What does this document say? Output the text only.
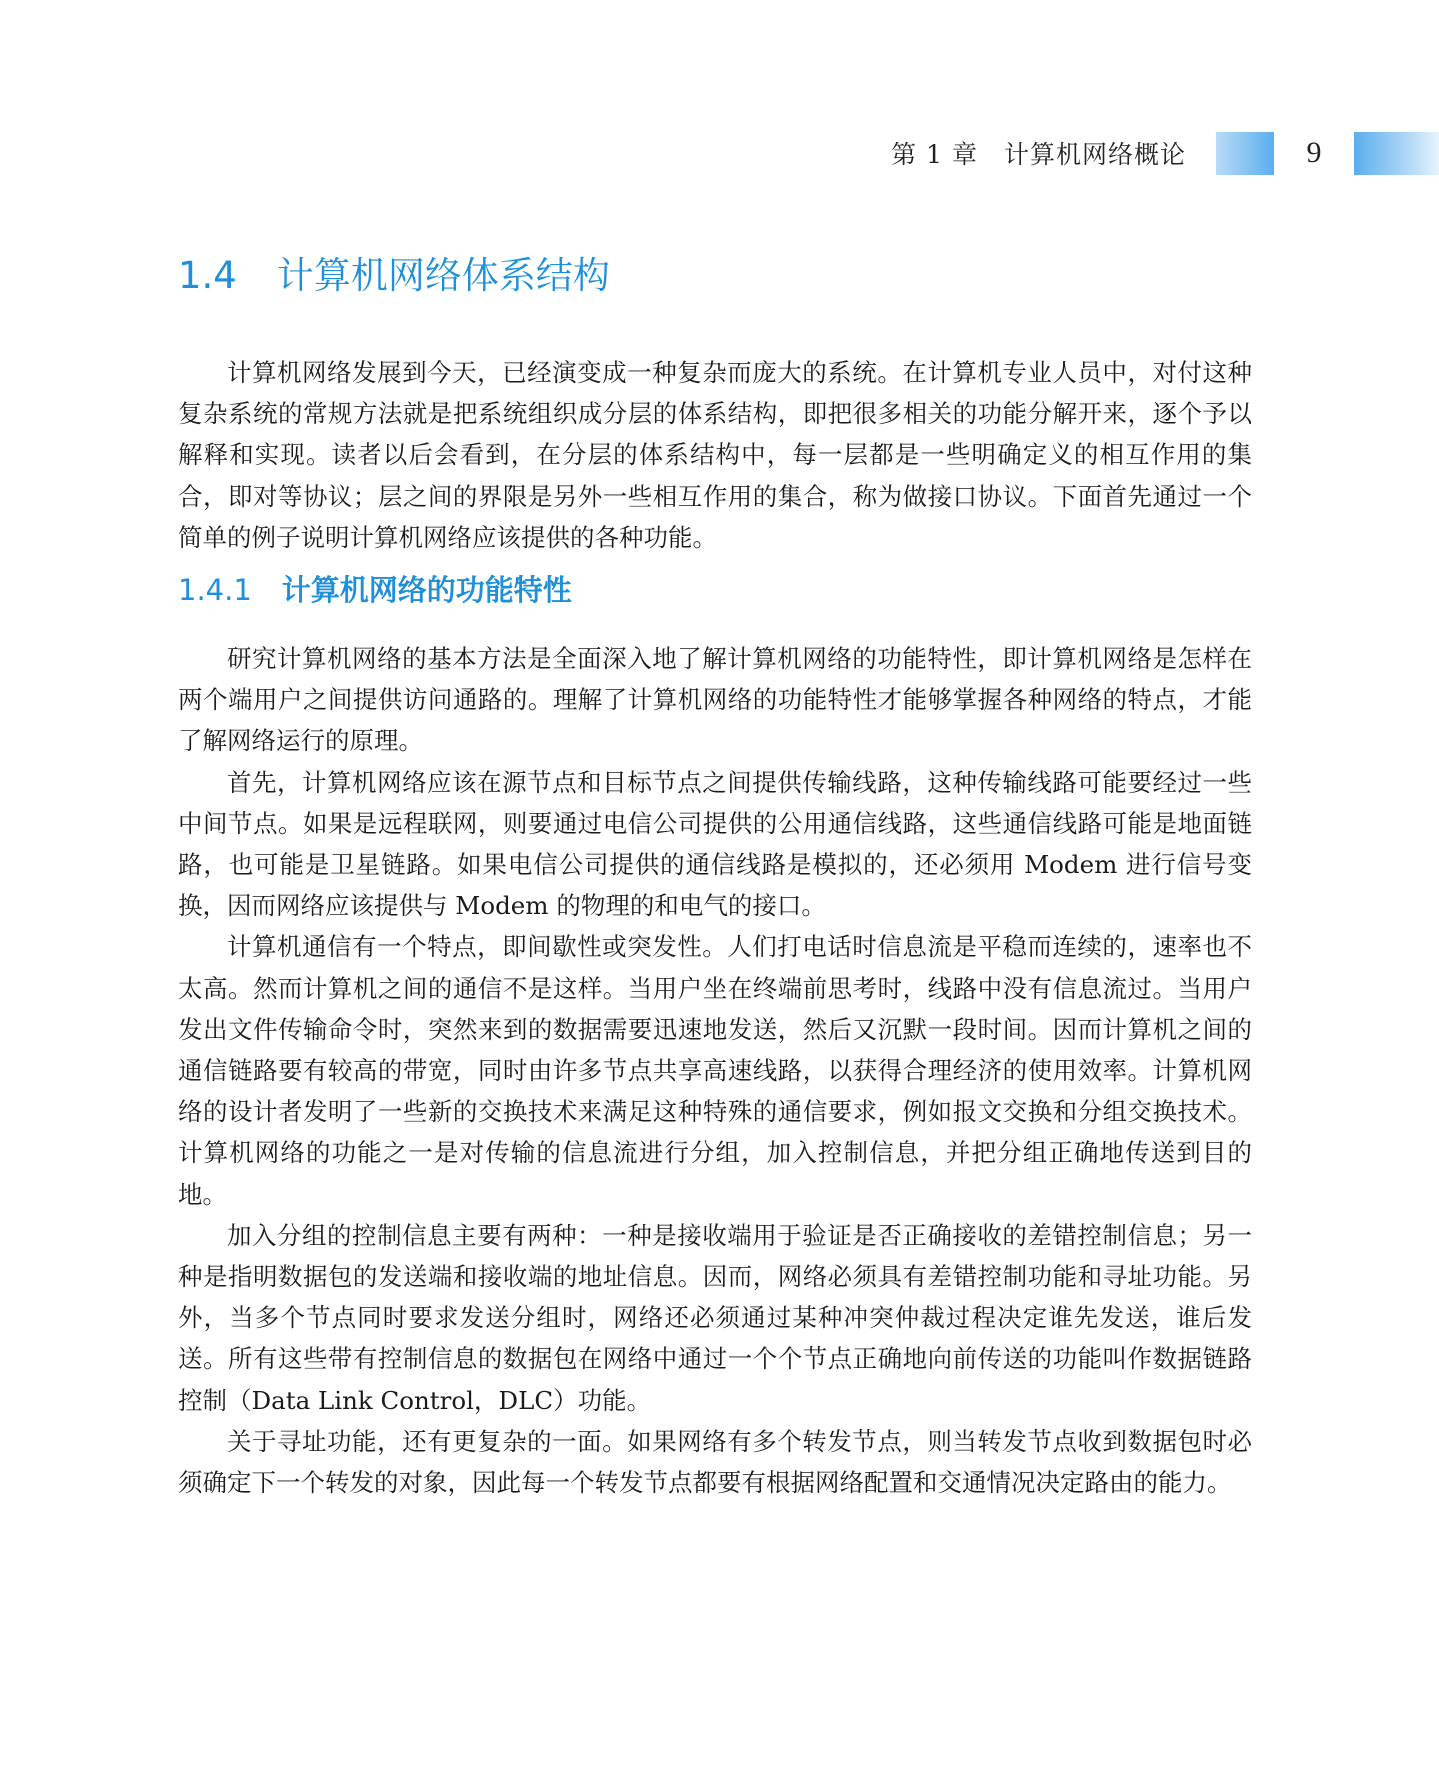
第 1 章 计算机网络概论	9
1.4 计算机网络体系结构

计算机网络发展到今天，已经演变成一种复杂而庞大的系统。在计算机专业人员中，对付这种复杂系统的常规方法就是把系统组织成分层的体系结构，即把很多相关的功能分解开来，逐个予以解释和实现。读者以后会看到，在分层的体系结构中，每一层都是一些明确定义的相互作用的集合，即对等协议；层之间的界限是另外一些相互作用的集合，称为做接口协议。下面首先通过一个简单的例子说明计算机网络应该提供的各种功能。

1.4.1 计算机网络的功能特性

研究计算机网络的基本方法是全面深入地了解计算机网络的功能特性，即计算机网络是怎样在两个端用户之间提供访问通路的。理解了计算机网络的功能特性才能够掌握各种网络的特点，才能了解网络运行的原理。

首先，计算机网络应该在源节点和目标节点之间提供传输线路，这种传输线路可能要经过一些中间节点。如果是远程联网，则要通过电信公司提供的公用通信线路，这些通信线路可能是地面链路，也可能是卫星链路。如果电信公司提供的通信线路是模拟的，还必须用 Modem 进行信号变换，因而网络应该提供与 Modem 的物理的和电气的接口。

计算机通信有一个特点，即间歇性或突发性。人们打电话时信息流是平稳而连续的，速率也不太高。然而计算机之间的通信不是这样。当用户坐在终端前思考时，线路中没有信息流过。当用户发出文件传输命令时，突然来到的数据需要迅速地发送，然后又沉默一段时间。因而计算机之间的通信链路要有较高的带宽，同时由许多节点共享高速线路，以获得合理经济的使用效率。计算机网络的设计者发明了一些新的交换技术来满足这种特殊的通信要求，例如报文交换和分组交换技术。计算机网络的功能之一是对传输的信息流进行分组，加入控制信息，并把分组正确地传送到目的地。

加入分组的控制信息主要有两种：一种是接收端用于验证是否正确接收的差错控制信息；另一种是指明数据包的发送端和接收端的地址信息。因而，网络必须具有差错控制功能和寻址功能。另外，当多个节点同时要求发送分组时，网络还必须通过某种冲突仲裁过程决定谁先发送，谁后发送。所有这些带有控制信息的数据包在网络中通过一个个节点正确地向前传送的功能叫作数据链路控制（Data Link Control，DLC）功能。

关于寻址功能，还有更复杂的一面。如果网络有多个转发节点，则当转发节点收到数据包时必须确定下一个转发的对象，因此每一个转发节点都要有根据网络配置和交通情况决定路由的能力。
